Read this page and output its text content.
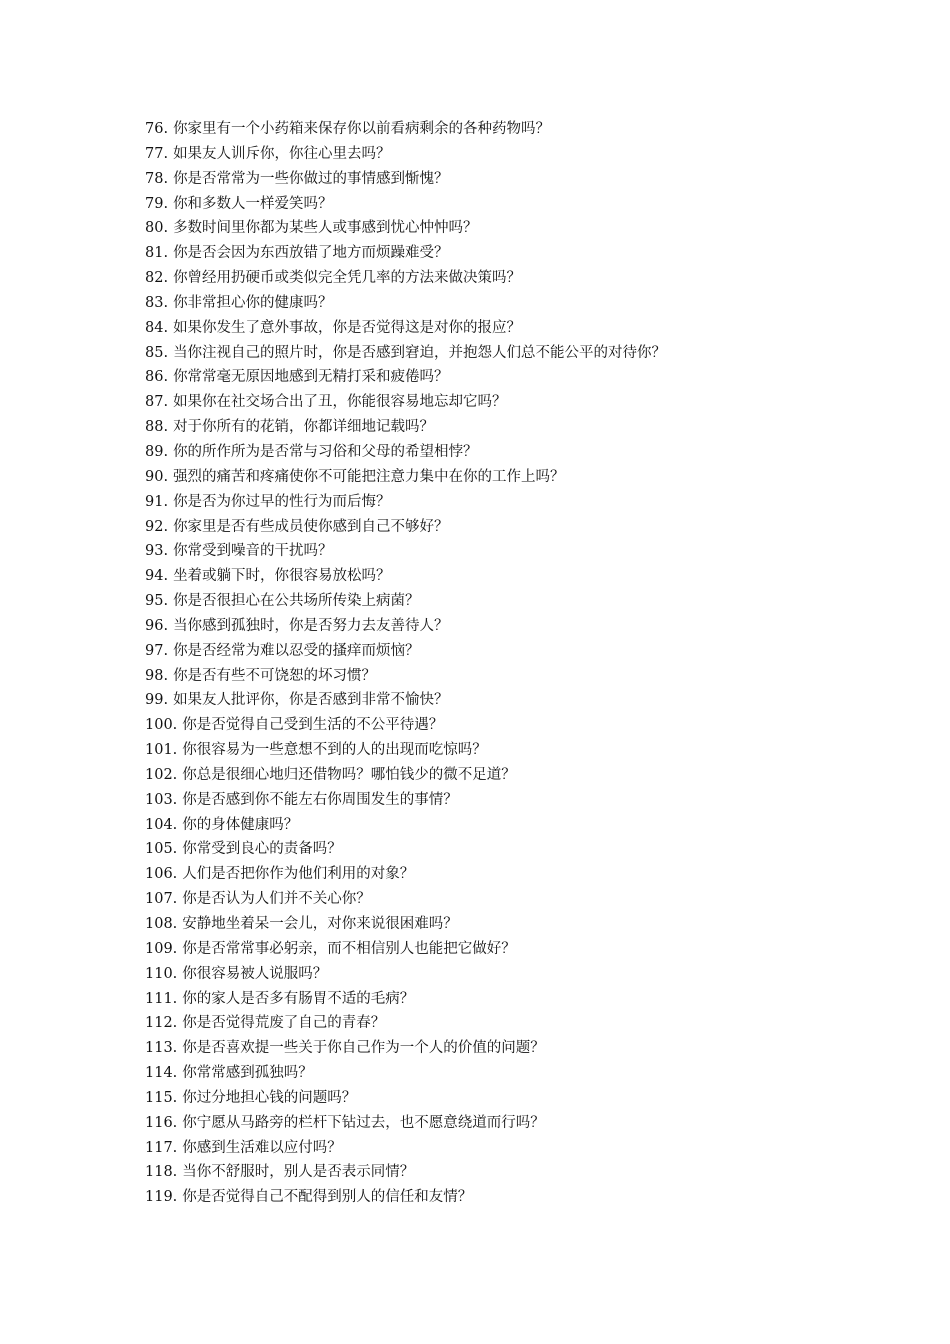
76. 你家里有一个小药箱来保存你以前看病剩余的各种药物吗？
77. 如果友人训斥你，你往心里去吗？
78. 你是否常常为一些你做过的事情感到惭愧？
79. 你和多数人一样爱笑吗？
80. 多数时间里你都为某些人或事感到忧心忡忡吗？
81. 你是否会因为东西放错了地方而烦躁难受？
82. 你曾经用扔硬币或类似完全凭几率的方法来做决策吗？
83. 你非常担心你的健康吗？
84. 如果你发生了意外事故，你是否觉得这是对你的报应？
85. 当你注视自己的照片时，你是否感到窘迫，并抱怨人们总不能公平的对待你？
86. 你常常毫无原因地感到无精打采和疲倦吗？
87. 如果你在社交场合出了丑，你能很容易地忘却它吗？
88. 对于你所有的花销，你都详细地记载吗？
89. 你的所作所为是否常与习俗和父母的希望相悖？
90. 强烈的痛苦和疼痛使你不可能把注意力集中在你的工作上吗？
91. 你是否为你过早的性行为而后悔？
92. 你家里是否有些成员使你感到自己不够好？
93. 你常受到噪音的干扰吗？
94. 坐着或躺下时，你很容易放松吗？
95. 你是否很担心在公共场所传染上病菌？
96. 当你感到孤独时，你是否努力去友善待人？
97. 你是否经常为难以忍受的搔痒而烦恼？
98. 你是否有些不可饶恕的坏习惯？
99. 如果友人批评你，你是否感到非常不愉快？
100. 你是否觉得自己受到生活的不公平待遇？
101. 你很容易为一些意想不到的人的出现而吃惊吗？
102. 你总是很细心地归还借物吗？哪怕钱少的微不足道？
103. 你是否感到你不能左右你周围发生的事情？
104. 你的身体健康吗？
105. 你常受到良心的责备吗？
106. 人们是否把你作为他们利用的对象？
107. 你是否认为人们并不关心你？
108. 安静地坐着呆一会儿，对你来说很困难吗？
109. 你是否常常事必躬亲，而不相信别人也能把它做好？
110. 你很容易被人说服吗？
111. 你的家人是否多有肠胃不适的毛病？
112. 你是否觉得荒废了自己的青春？
113. 你是否喜欢提一些关于你自己作为一个人的价值的问题？
114. 你常常感到孤独吗？
115. 你过分地担心钱的问题吗？
116. 你宁愿从马路旁的栏杆下钻过去，也不愿意绕道而行吗？
117. 你感到生活难以应付吗？
118. 当你不舒服时，别人是否表示同情？
119. 你是否觉得自己不配得到别人的信任和友情？
